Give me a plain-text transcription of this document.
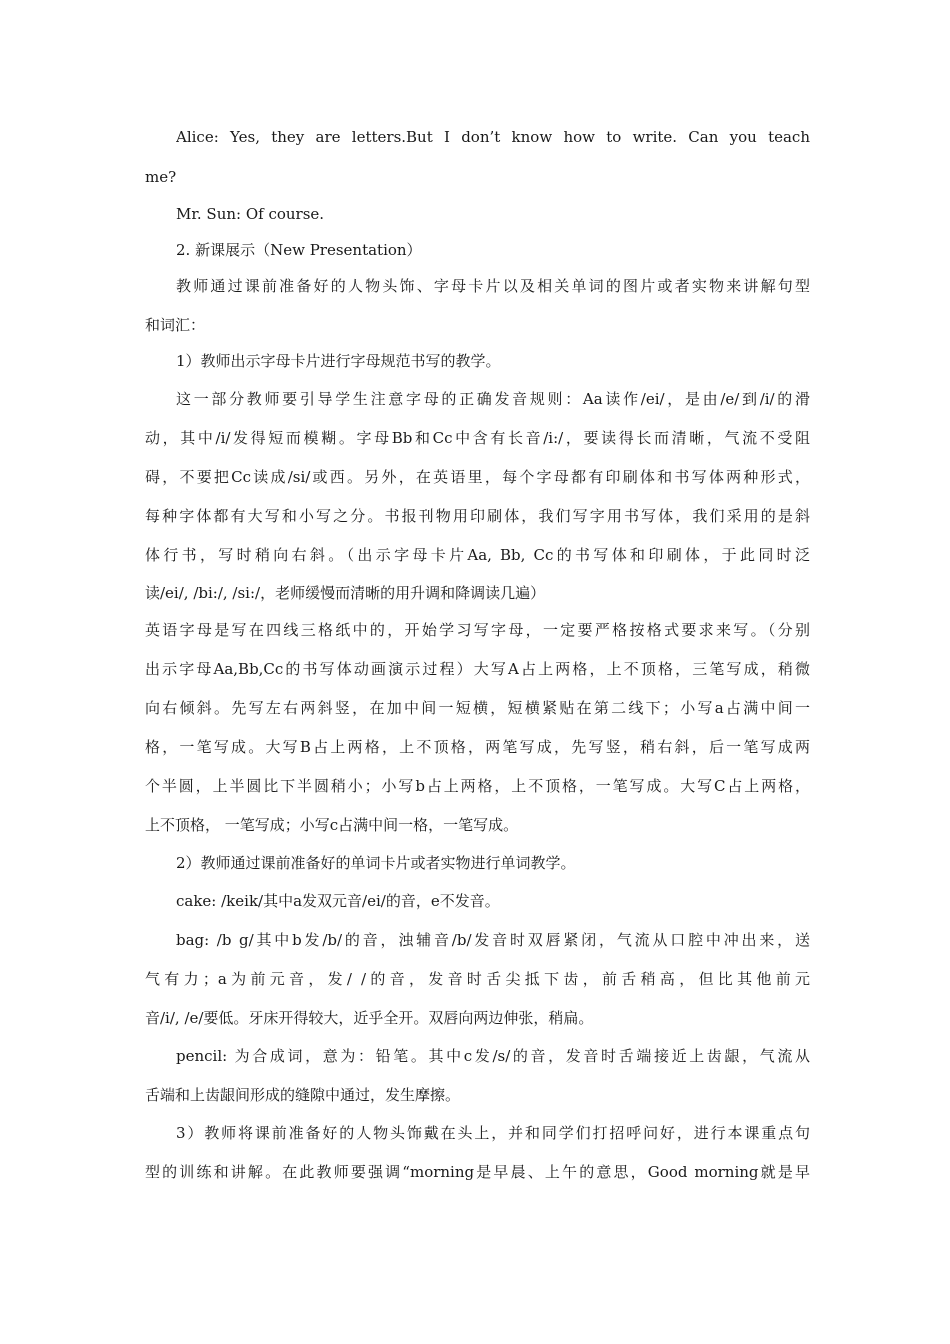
Alice: Yes, they are letters.But I don’t know how to write. Can you teach
me?
Mr. Sun: Of course.
2. 新课展示（New Presentation）
教师通过课前准备好的人物头饰、字母卡片以及相关单词的图片或者实物来讲解句型
和词汇：
1）教师出示字母卡片进行字母规范书写的教学。
这一部分教师要引导学生注意字母的正确发音规则：Aa读作/ei/，是由/e/到/i/的滑
动，其中/i/发得短而模糊。字母Bb和Cc中含有长音/i:/，要读得长而清晰，气流不受阻
碍，不要把Cc读成/si/或西。另外，在英语里，每个字母都有印刷体和书写体两种形式，
每种字体都有大写和小写之分。书报刊物用印刷体，我们写字用书写体，我们采用的是斜
体行书，写时稍向右斜。（出示字母卡片Aa, Bb, Cc的书写体和印刷体，于此同时泛
读/ei/, /bi:/, /si:/，老师缓慢而清晰的用升调和降调读几遍）
英语字母是写在四线三格纸中的，开始学习写字母，一定要严格按格式要求来写。（分别
出示字母Aa,Bb,Cc的书写体动画演示过程）大写A占上两格，上不顶格，三笔写成，稍微
向右倾斜。先写左右两斜竖，在加中间一短横，短横紧贴在第二线下；小写a占满中间一
格，一笔写成。大写B占上两格，上不顶格，两笔写成，先写竖，稍右斜，后一笔写成两
个半圆，上半圆比下半圆稍小；小写b占上两格，上不顶格，一笔写成。大写C占上两格，
上不顶格， 一笔写成；小写c占满中间一格，一笔写成。
2）教师通过课前准备好的单词卡片或者实物进行单词教学。
cake: /keik/其中a发双元音/ei/的音，e不发音。
bag: /b g/其中b发/b/的音，浊辅音/b/发音时双唇紧闭，气流从口腔中冲出来，送
气有力；a为前元音，发/ /的音，发音时舌尖抵下齿，前舌稍高，但比其他前元
音/i/, /e/要低。牙床开得较大，近乎全开。双唇向两边伸张，稍扁。
pencil: 为合成词，意为：铅笔。其中c发/s/的音，发音时舌端接近上齿龈，气流从
舌端和上齿龈间形成的缝隙中通过，发生摩擦。
3）教师将课前准备好的人物头饰戴在头上，并和同学们打招呼问好，进行本课重点句
型的训练和讲解。在此教师要强调“morning是早晨、上午的意思，Good morning就是早
